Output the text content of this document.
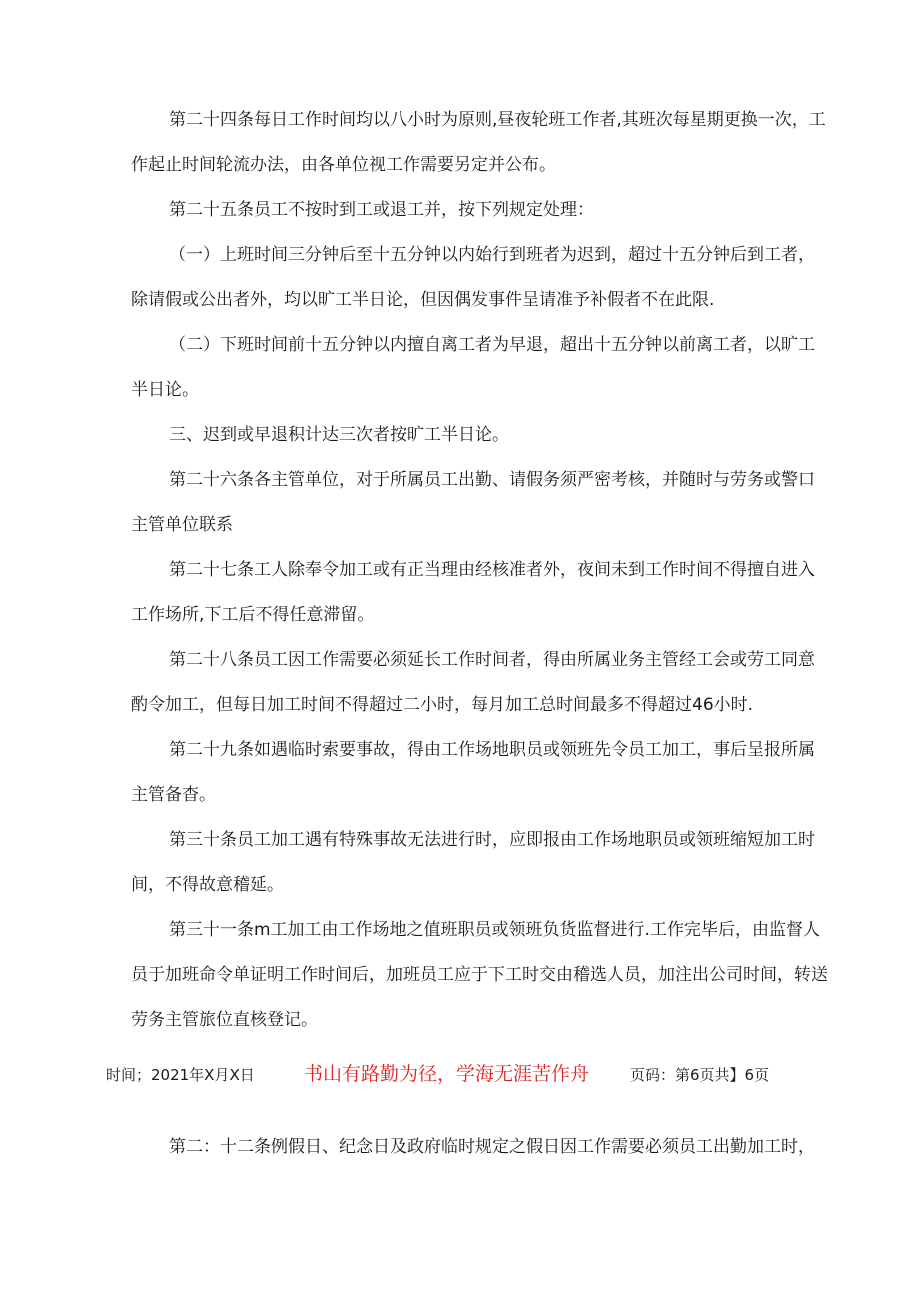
第二十四条每日工作时间均以八小时为原则,昼夜轮班工作者,其班次每星期更换一次，工作起止时间轮流办法，由各单位视工作需要另定并公布。

第二十五条员工不按时到工或退工并，按下列规定处理：

（一）上班时间三分钟后至十五分钟以内始行到班者为迟到，超过十五分钟后到工者，除请假或公出者外，均以旷工半日论，但因偶发事件呈请准予补假者不在此限.

（二）下班时间前十五分钟以内擅自离工者为早退，超出十五分钟以前离工者，以旷工半日论。

三、迟到或早退积计达三次者按旷工半日论。

第二十六条各主管单位，对于所属员工出勤、请假务须严密考核，并随时与劳务或警口主管单位联系

第二十七条工人除奉令加工或有正当理由经核准者外，夜间未到工作时间不得擅自进入工作场所,下工后不得任意滞留。

第二十八条员工因工作需要必须延长工作时间者，得由所属业务主管经工会或劳工同意酌令加工，但每日加工时间不得超过二小时，每月加工总时间最多不得超过46小时.

第二十九条如遇临时索要事故，得由工作场地职员或领班先令员工加工，事后呈报所属主管备杳。

第三十条员工加工遇有特殊事故无法进行时，应即报由工作场地职员或领班缩短加工时间，不得故意稽延。

第三十一条m工加工由工作场地之值班职员或领班负货监督进行.工作完毕后，由监督人员于加班命令单证明工作时间后，加班员工应于下工时交由稽选人员，加注出公司时间，转送劳务主管旅位直核登记。

时间；2021年X月X日	书山有路勤为径，学海无涯苦作舟	页码：第6页共】6页

第二：十二条例假日、纪念日及政府临时规定之假日因工作需要必须员工出勤加工时，
